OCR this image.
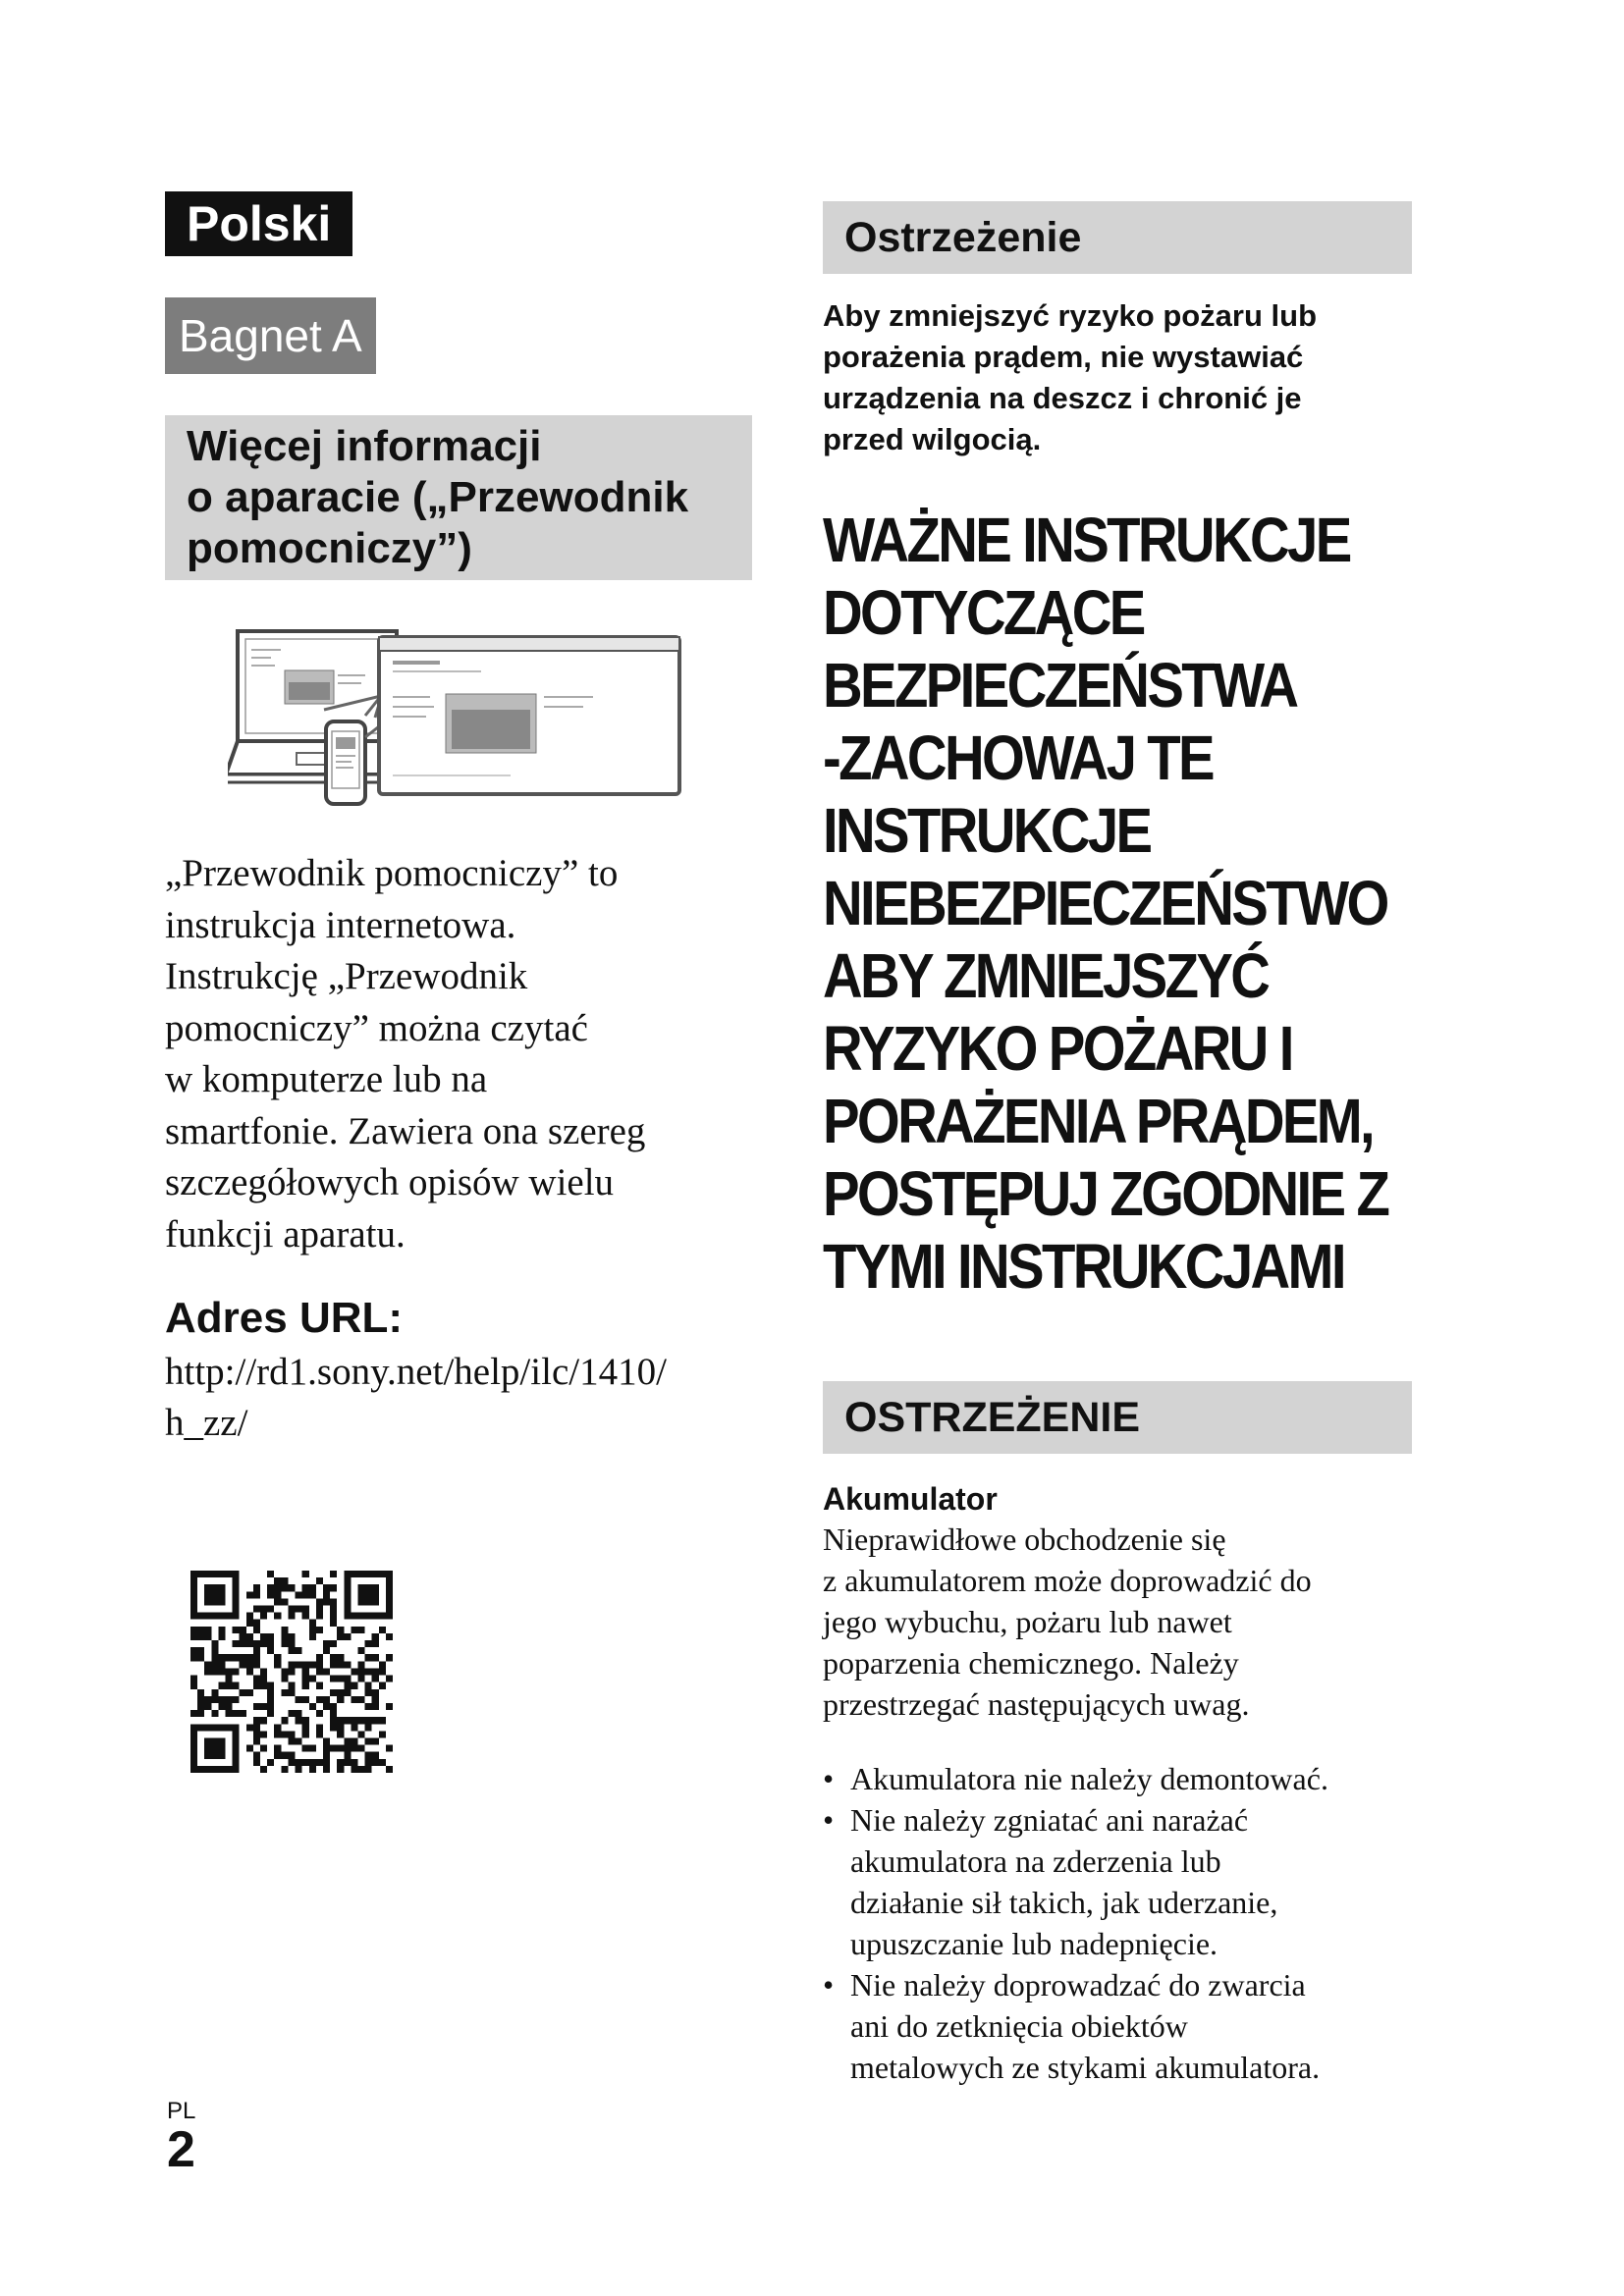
Polski
Bagnet A
Więcej informacji
o aparacie („Przewodnik
pomocniczy”)
„Przewodnik pomocniczy” to
instrukcja internetowa.
Instrukcję „Przewodnik
pomocniczy” można czytać
w komputerze lub na
smartfonie. Zawiera ona szereg
szczegółowych opisów wielu
funkcji aparatu.
Adres URL:
http://rd1.sony.net/help/ilc/1410/
h_zz/
Ostrzeżenie
Aby zmniejszyć ryzyko pożaru lub
porażenia prądem, nie wystawiać
urządzenia na deszcz i chronić je
przed wilgocią.
WAŻNE INSTRUKCJE
DOTYCZĄCE
BEZPIECZEŃSTWA
-ZACHOWAJ TE
INSTRUKCJE
NIEBEZPIECZEŃSTWO
ABY ZMNIEJSZYĆ
RYZYKO POŻARU I
PORAŻENIA PRĄDEM,
POSTĘPUJ ZGODNIE Z
TYMI INSTRUKCJAMI
OSTRZEŻENIE
Akumulator
Nieprawidłowe obchodzenie się
z akumulatorem może doprowadzić do
jego wybuchu, pożaru lub nawet
poparzenia chemicznego. Należy
przestrzegać następujących uwag.
• Akumulatora nie należy demontować.
• Nie należy zgniatać ani narażać
akumulatora na zderzenia lub
działanie sił takich, jak uderzanie,
upuszczanie lub nadepnięcie.
• Nie należy doprowadzać do zwarcia
ani do zetknięcia obiektów
metalowych ze stykami akumulatora.
PL
2
